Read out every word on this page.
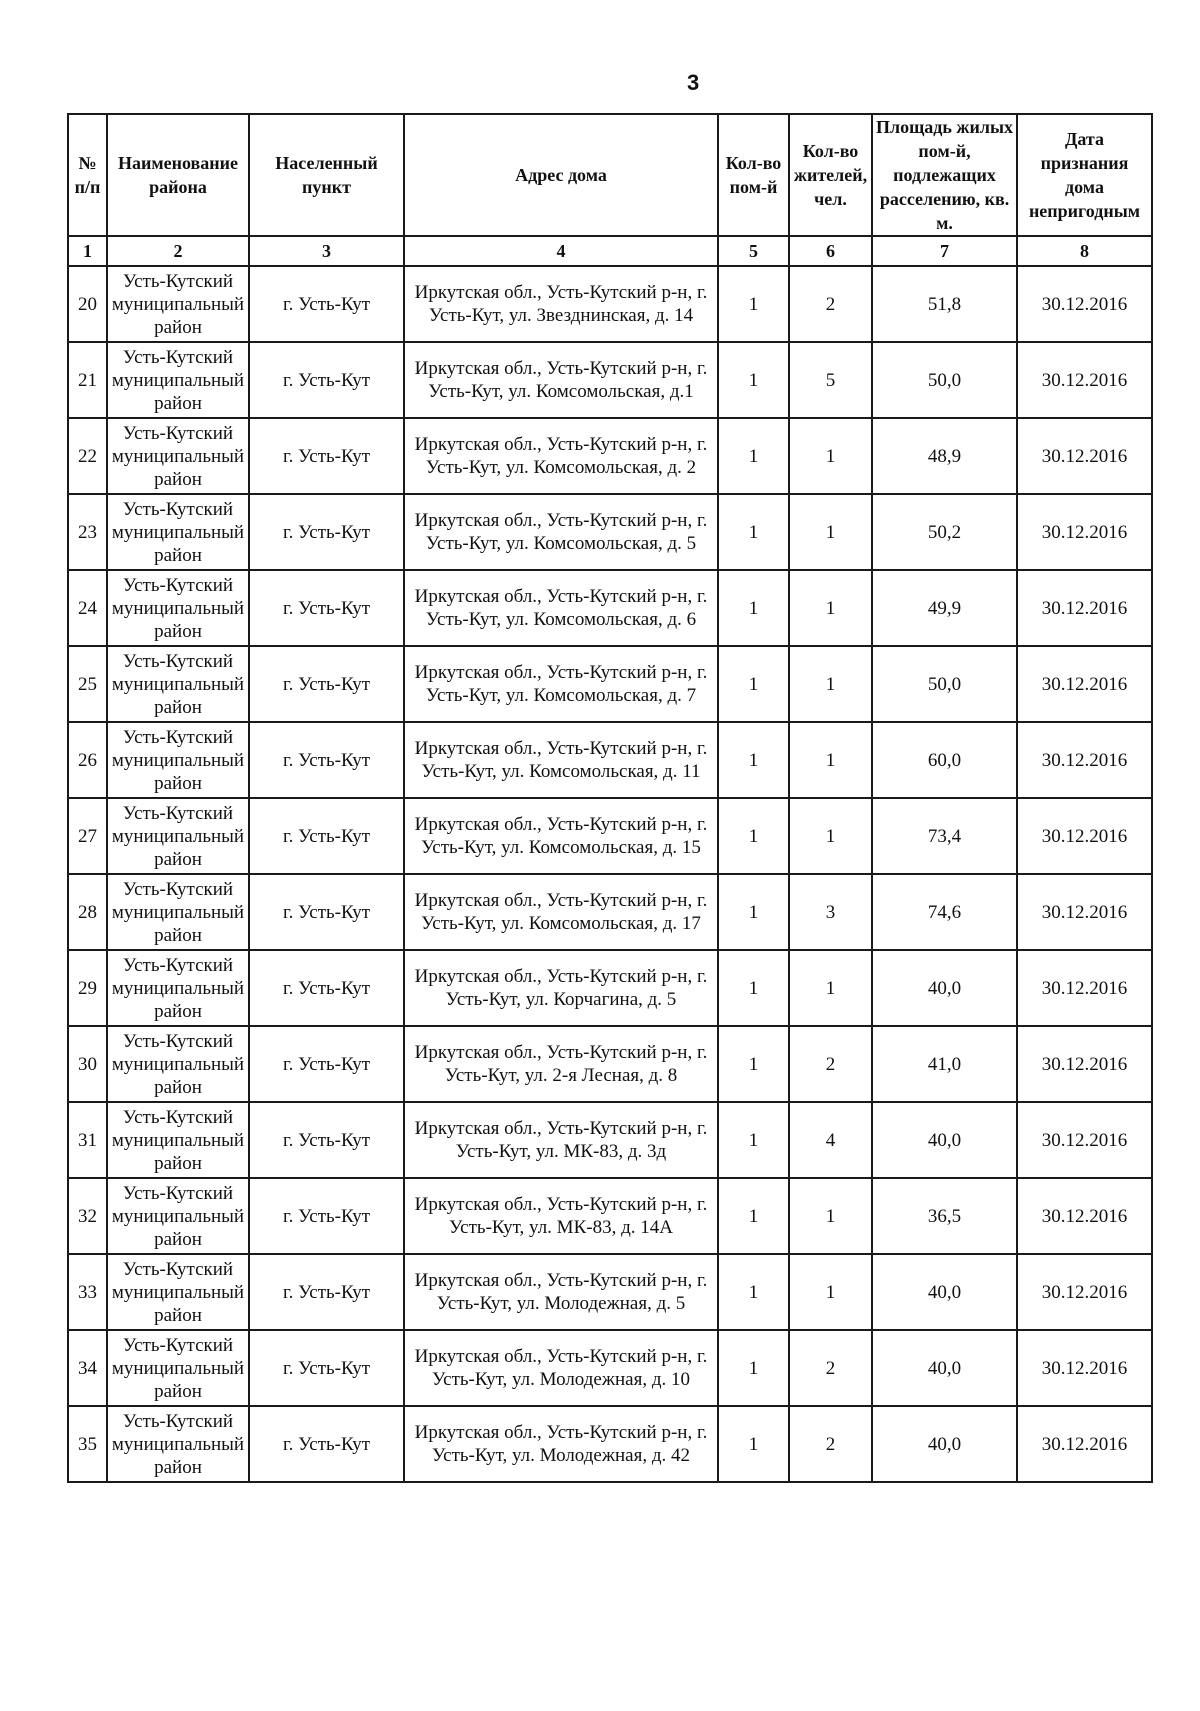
3
№ п/п	Наименование района	Населенный пункт	Адрес дома	Кол-во пом-й	Кол-во жителей, чел.	Площадь жилых пом-й, подлежащих расселению, кв. м.	Дата признания дома непригодным
1	2	3	4	5	6	7	8
20	Усть-Кутский муниципальный район	г. Усть-Кут	Иркутская обл., Усть-Кутский р-н, г. Усть-Кут, ул. Звезднинская, д. 14	1	2	51,8	30.12.2016
21	Усть-Кутский муниципальный район	г. Усть-Кут	Иркутская обл., Усть-Кутский р-н, г. Усть-Кут, ул. Комсомольская, д.1	1	5	50,0	30.12.2016
22	Усть-Кутский муниципальный район	г. Усть-Кут	Иркутская обл., Усть-Кутский р-н, г. Усть-Кут, ул. Комсомольская, д. 2	1	1	48,9	30.12.2016
23	Усть-Кутский муниципальный район	г. Усть-Кут	Иркутская обл., Усть-Кутский р-н, г. Усть-Кут, ул. Комсомольская, д. 5	1	1	50,2	30.12.2016
24	Усть-Кутский муниципальный район	г. Усть-Кут	Иркутская обл., Усть-Кутский р-н, г. Усть-Кут, ул. Комсомольская, д. 6	1	1	49,9	30.12.2016
25	Усть-Кутский муниципальный район	г. Усть-Кут	Иркутская обл., Усть-Кутский р-н, г. Усть-Кут, ул. Комсомольская, д. 7	1	1	50,0	30.12.2016
26	Усть-Кутский муниципальный район	г. Усть-Кут	Иркутская обл., Усть-Кутский р-н, г. Усть-Кут, ул. Комсомольская, д. 11	1	1	60,0	30.12.2016
27	Усть-Кутский муниципальный район	г. Усть-Кут	Иркутская обл., Усть-Кутский р-н, г. Усть-Кут, ул. Комсомольская, д. 15	1	1	73,4	30.12.2016
28	Усть-Кутский муниципальный район	г. Усть-Кут	Иркутская обл., Усть-Кутский р-н, г. Усть-Кут, ул. Комсомольская, д. 17	1	3	74,6	30.12.2016
29	Усть-Кутский муниципальный район	г. Усть-Кут	Иркутская обл., Усть-Кутский р-н, г. Усть-Кут, ул. Корчагина, д. 5	1	1	40,0	30.12.2016
30	Усть-Кутский муниципальный район	г. Усть-Кут	Иркутская обл., Усть-Кутский р-н, г. Усть-Кут, ул. 2-я Лесная, д. 8	1	2	41,0	30.12.2016
31	Усть-Кутский муниципальный район	г. Усть-Кут	Иркутская обл., Усть-Кутский р-н, г. Усть-Кут, ул. МК-83, д. 3д	1	4	40,0	30.12.2016
32	Усть-Кутский муниципальный район	г. Усть-Кут	Иркутская обл., Усть-Кутский р-н, г. Усть-Кут, ул. МК-83, д. 14А	1	1	36,5	30.12.2016
33	Усть-Кутский муниципальный район	г. Усть-Кут	Иркутская обл., Усть-Кутский р-н, г. Усть-Кут, ул. Молодежная, д. 5	1	1	40,0	30.12.2016
34	Усть-Кутский муниципальный район	г. Усть-Кут	Иркутская обл., Усть-Кутский р-н, г. Усть-Кут, ул. Молодежная, д. 10	1	2	40,0	30.12.2016
35	Усть-Кутский муниципальный район	г. Усть-Кут	Иркутская обл., Усть-Кутский р-н, г. Усть-Кут, ул. Молодежная, д. 42	1	2	40,0	30.12.2016
